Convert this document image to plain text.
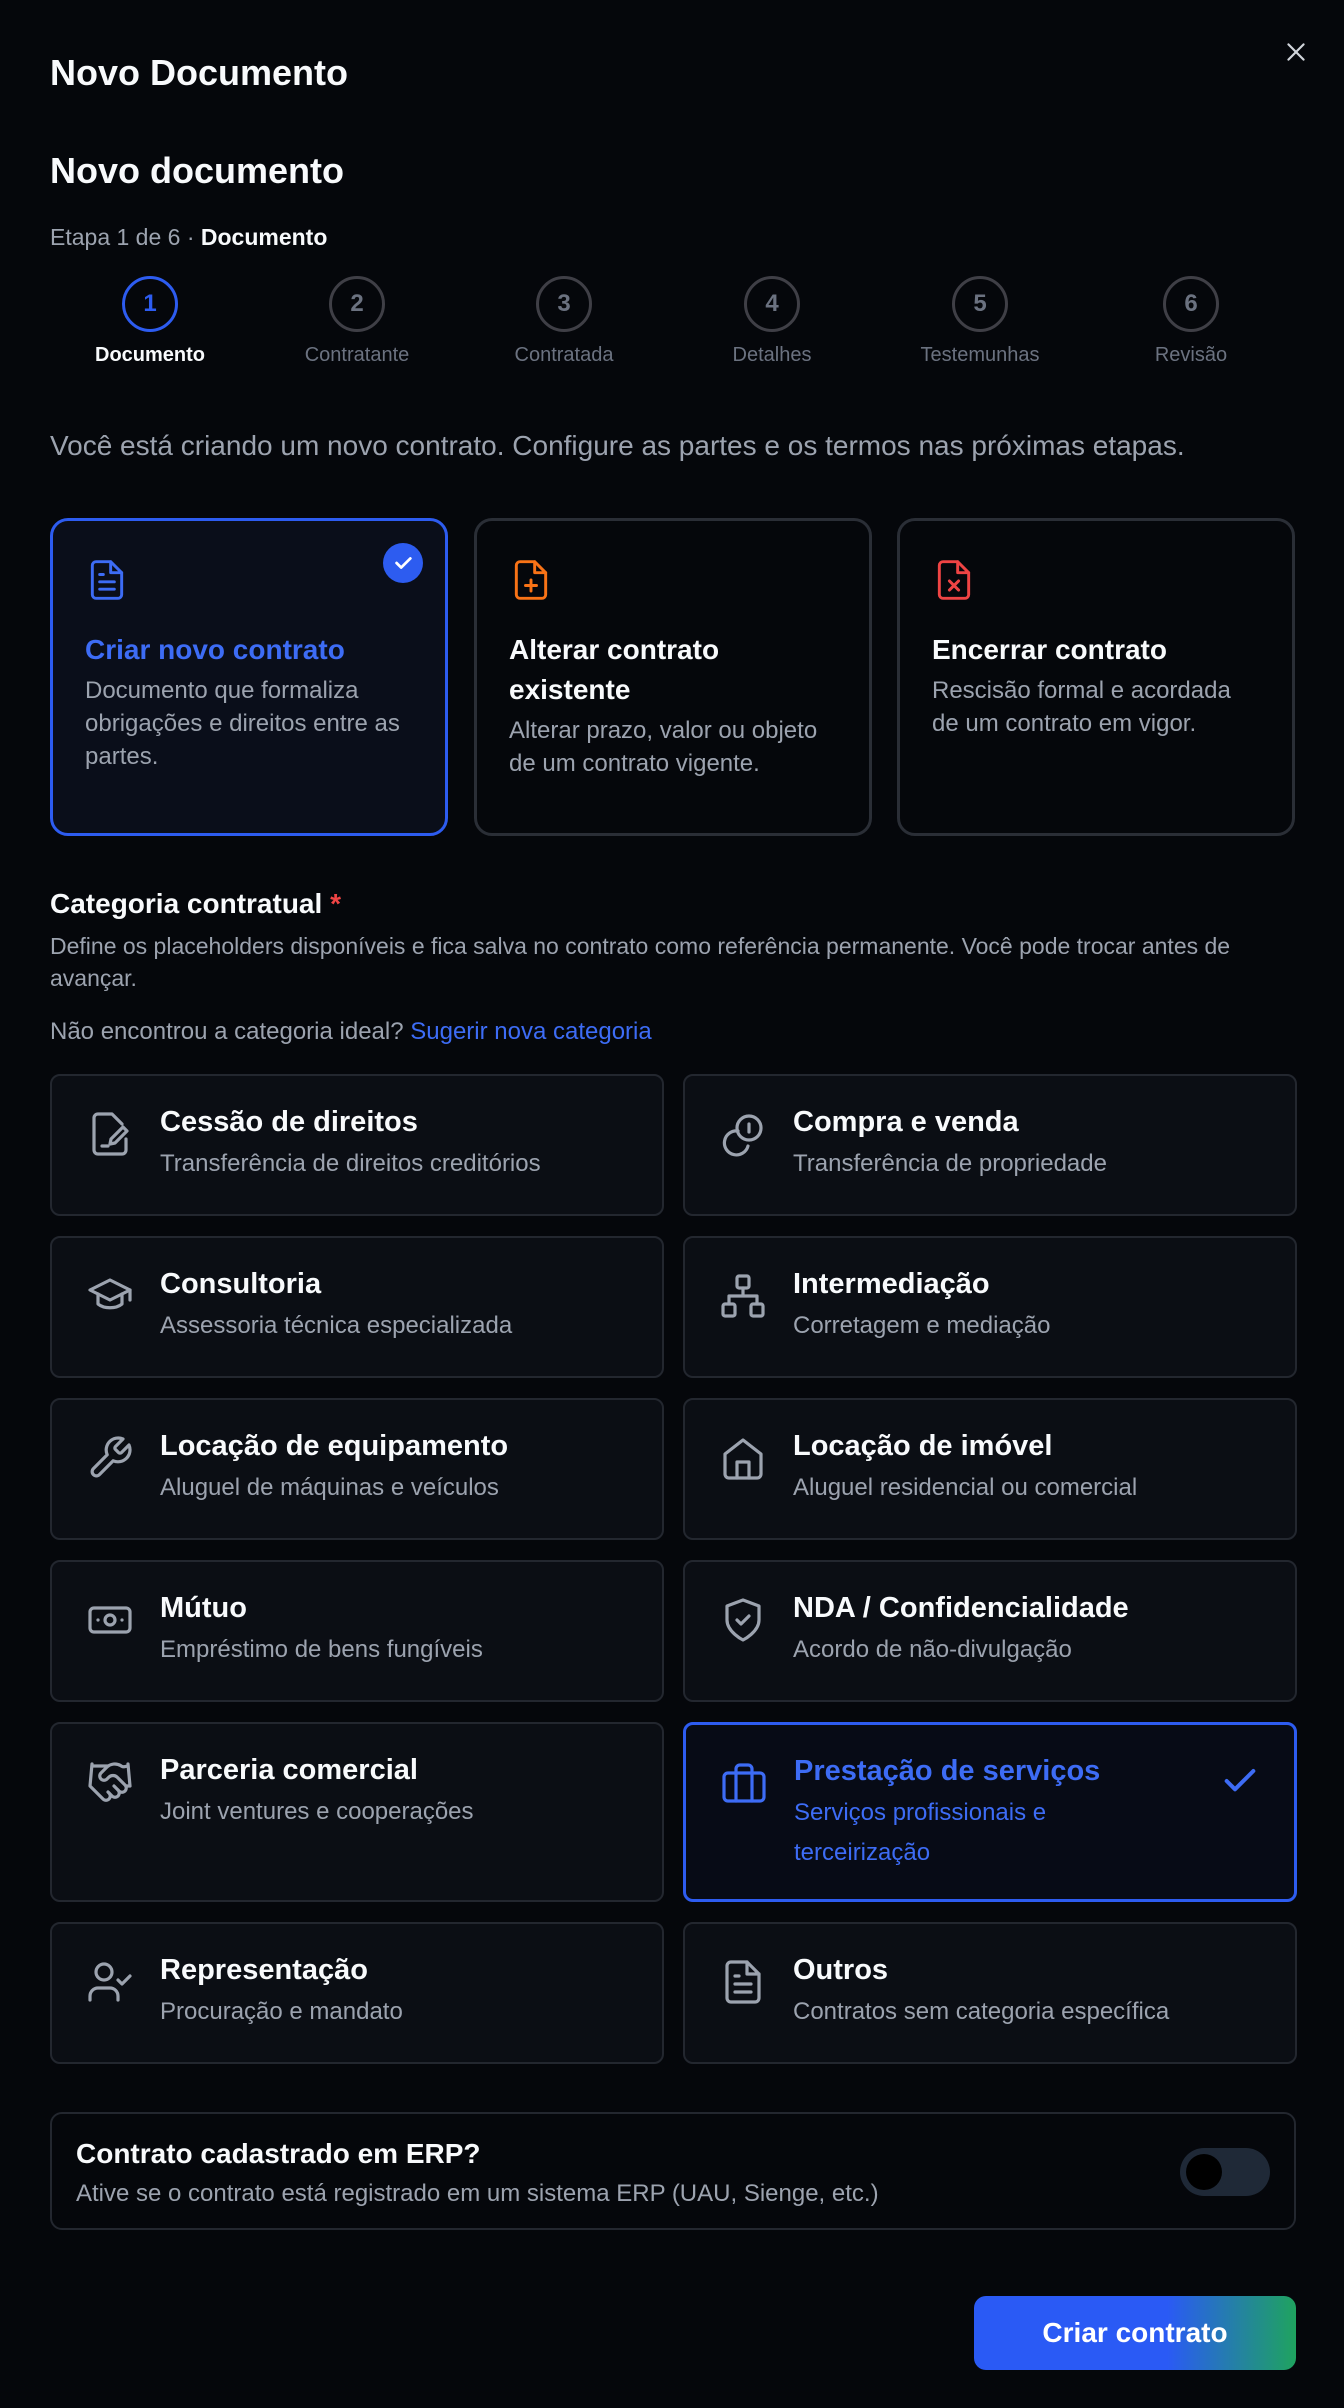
Novo Documento
Novo documento
Etapa 1 de 6 · Documento
1
Documento
2
Contratante
3
Contratada
4
Detalhes
5
Testemunhas
6
Revisão
Você está criando um novo contrato. Configure as partes e os termos nas próximas etapas.
Criar novo contrato
Documento que formaliza obrigações e direitos entre as partes.
Alterar contrato existente
Alterar prazo, valor ou objeto de um contrato vigente.
Encerrar contrato
Rescisão formal e acordada de um contrato em vigor.
Categoria contratual *
Define os placeholders disponíveis e fica salva no contrato como referência permanente. Você pode trocar antes de avançar.
Não encontrou a categoria ideal? Sugerir nova categoria
Cessão de direitos
Transferência de direitos creditórios
Compra e venda
Transferência de propriedade
Consultoria
Assessoria técnica especializada
Intermediação
Corretagem e mediação
Locação de equipamento
Aluguel de máquinas e veículos
Locação de imóvel
Aluguel residencial ou comercial
Mútuo
Empréstimo de bens fungíveis
NDA / Confidencialidade
Acordo de não-divulgação
Parceria comercial
Joint ventures e cooperações
Prestação de serviços
Serviços profissionais e terceirização
Representação
Procuração e mandato
Outros
Contratos sem categoria específica
Contrato cadastrado em ERP?
Ative se o contrato está registrado em um sistema ERP (UAU, Sienge, etc.)
Criar contrato
